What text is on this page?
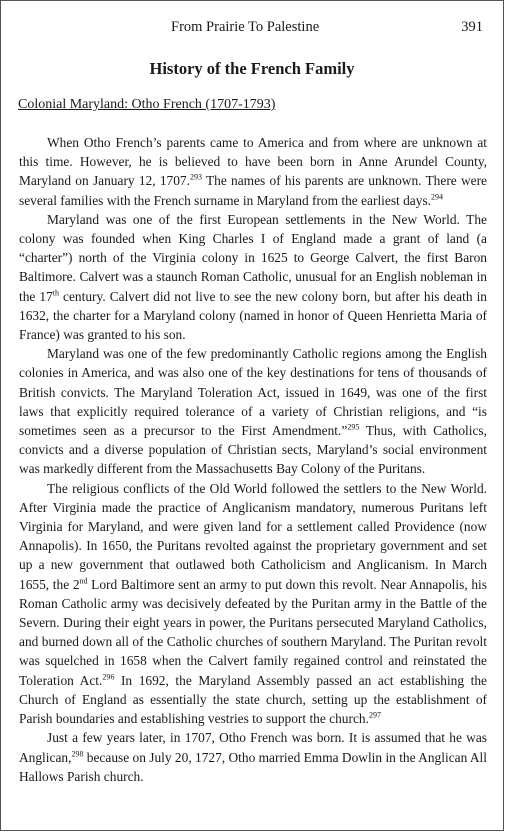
From Prairie To Palestine	391
History of the French Family
Colonial Maryland: Otho French (1707-1793)

When Otho French’s parents came to America and from where are unknown at this time. However, he is believed to have been born in Anne Arundel County, Maryland on January 12, 1707.$^{293}$ The names of his parents are unknown. There were several families with the French surname in Maryland from the earliest days.$^{294}$

Maryland was one of the first European settlements in the New World. The colony was founded when King Charles I of England made a grant of land (a “charter”) north of the Virginia colony in 1625 to George Calvert, the first Baron Baltimore. Calvert was a staunch Roman Catholic, unusual for an English nobleman in the 17th century. Calvert did not live to see the new colony born, but after his death in 1632, the charter for a Maryland colony (named in honor of Queen Henrietta Maria of France) was granted to his son.

Maryland was one of the few predominantly Catholic regions among the English colonies in America, and was also one of the key destinations for tens of thousands of British convicts. The Maryland Toleration Act, issued in 1649, was one of the first laws that explicitly required tolerance of a variety of Christian religions, and “is sometimes seen as a precursor to the First Amendment.”$^{295}$ Thus, with Catholics, convicts and a diverse population of Christian sects, Maryland’s social environment was markedly different from the Massachusetts Bay Colony of the Puritans.

The religious conflicts of the Old World followed the settlers to the New World. After Virginia made the practice of Anglicanism mandatory, numerous Puritans left Virginia for Maryland, and were given land for a settlement called Providence (now Annapolis). In 1650, the Puritans revolted against the proprietary government and set up a new government that outlawed both Catholicism and Anglicanism. In March 1655, the 2nd Lord Baltimore sent an army to put down this revolt. Near Annapolis, his Roman Catholic army was decisively defeated by the Puritan army in the Battle of the Severn. During their eight years in power, the Puritans persecuted Maryland Catholics, and burned down all of the Catholic churches of southern Maryland. The Puritan revolt was squelched in 1658 when the Calvert family regained control and reinstated the Toleration Act.$^{296}$ In 1692, the Maryland Assembly passed an act establishing the Church of England as essentially the state church, setting up the establishment of Parish boundaries and establishing vestries to support the church.$^{297}$

Just a few years later, in 1707, Otho French was born. It is assumed that he was Anglican,$^{298}$ because on July 20, 1727, Otho married Emma Dowlin in the Anglican All Hallows Parish church.
